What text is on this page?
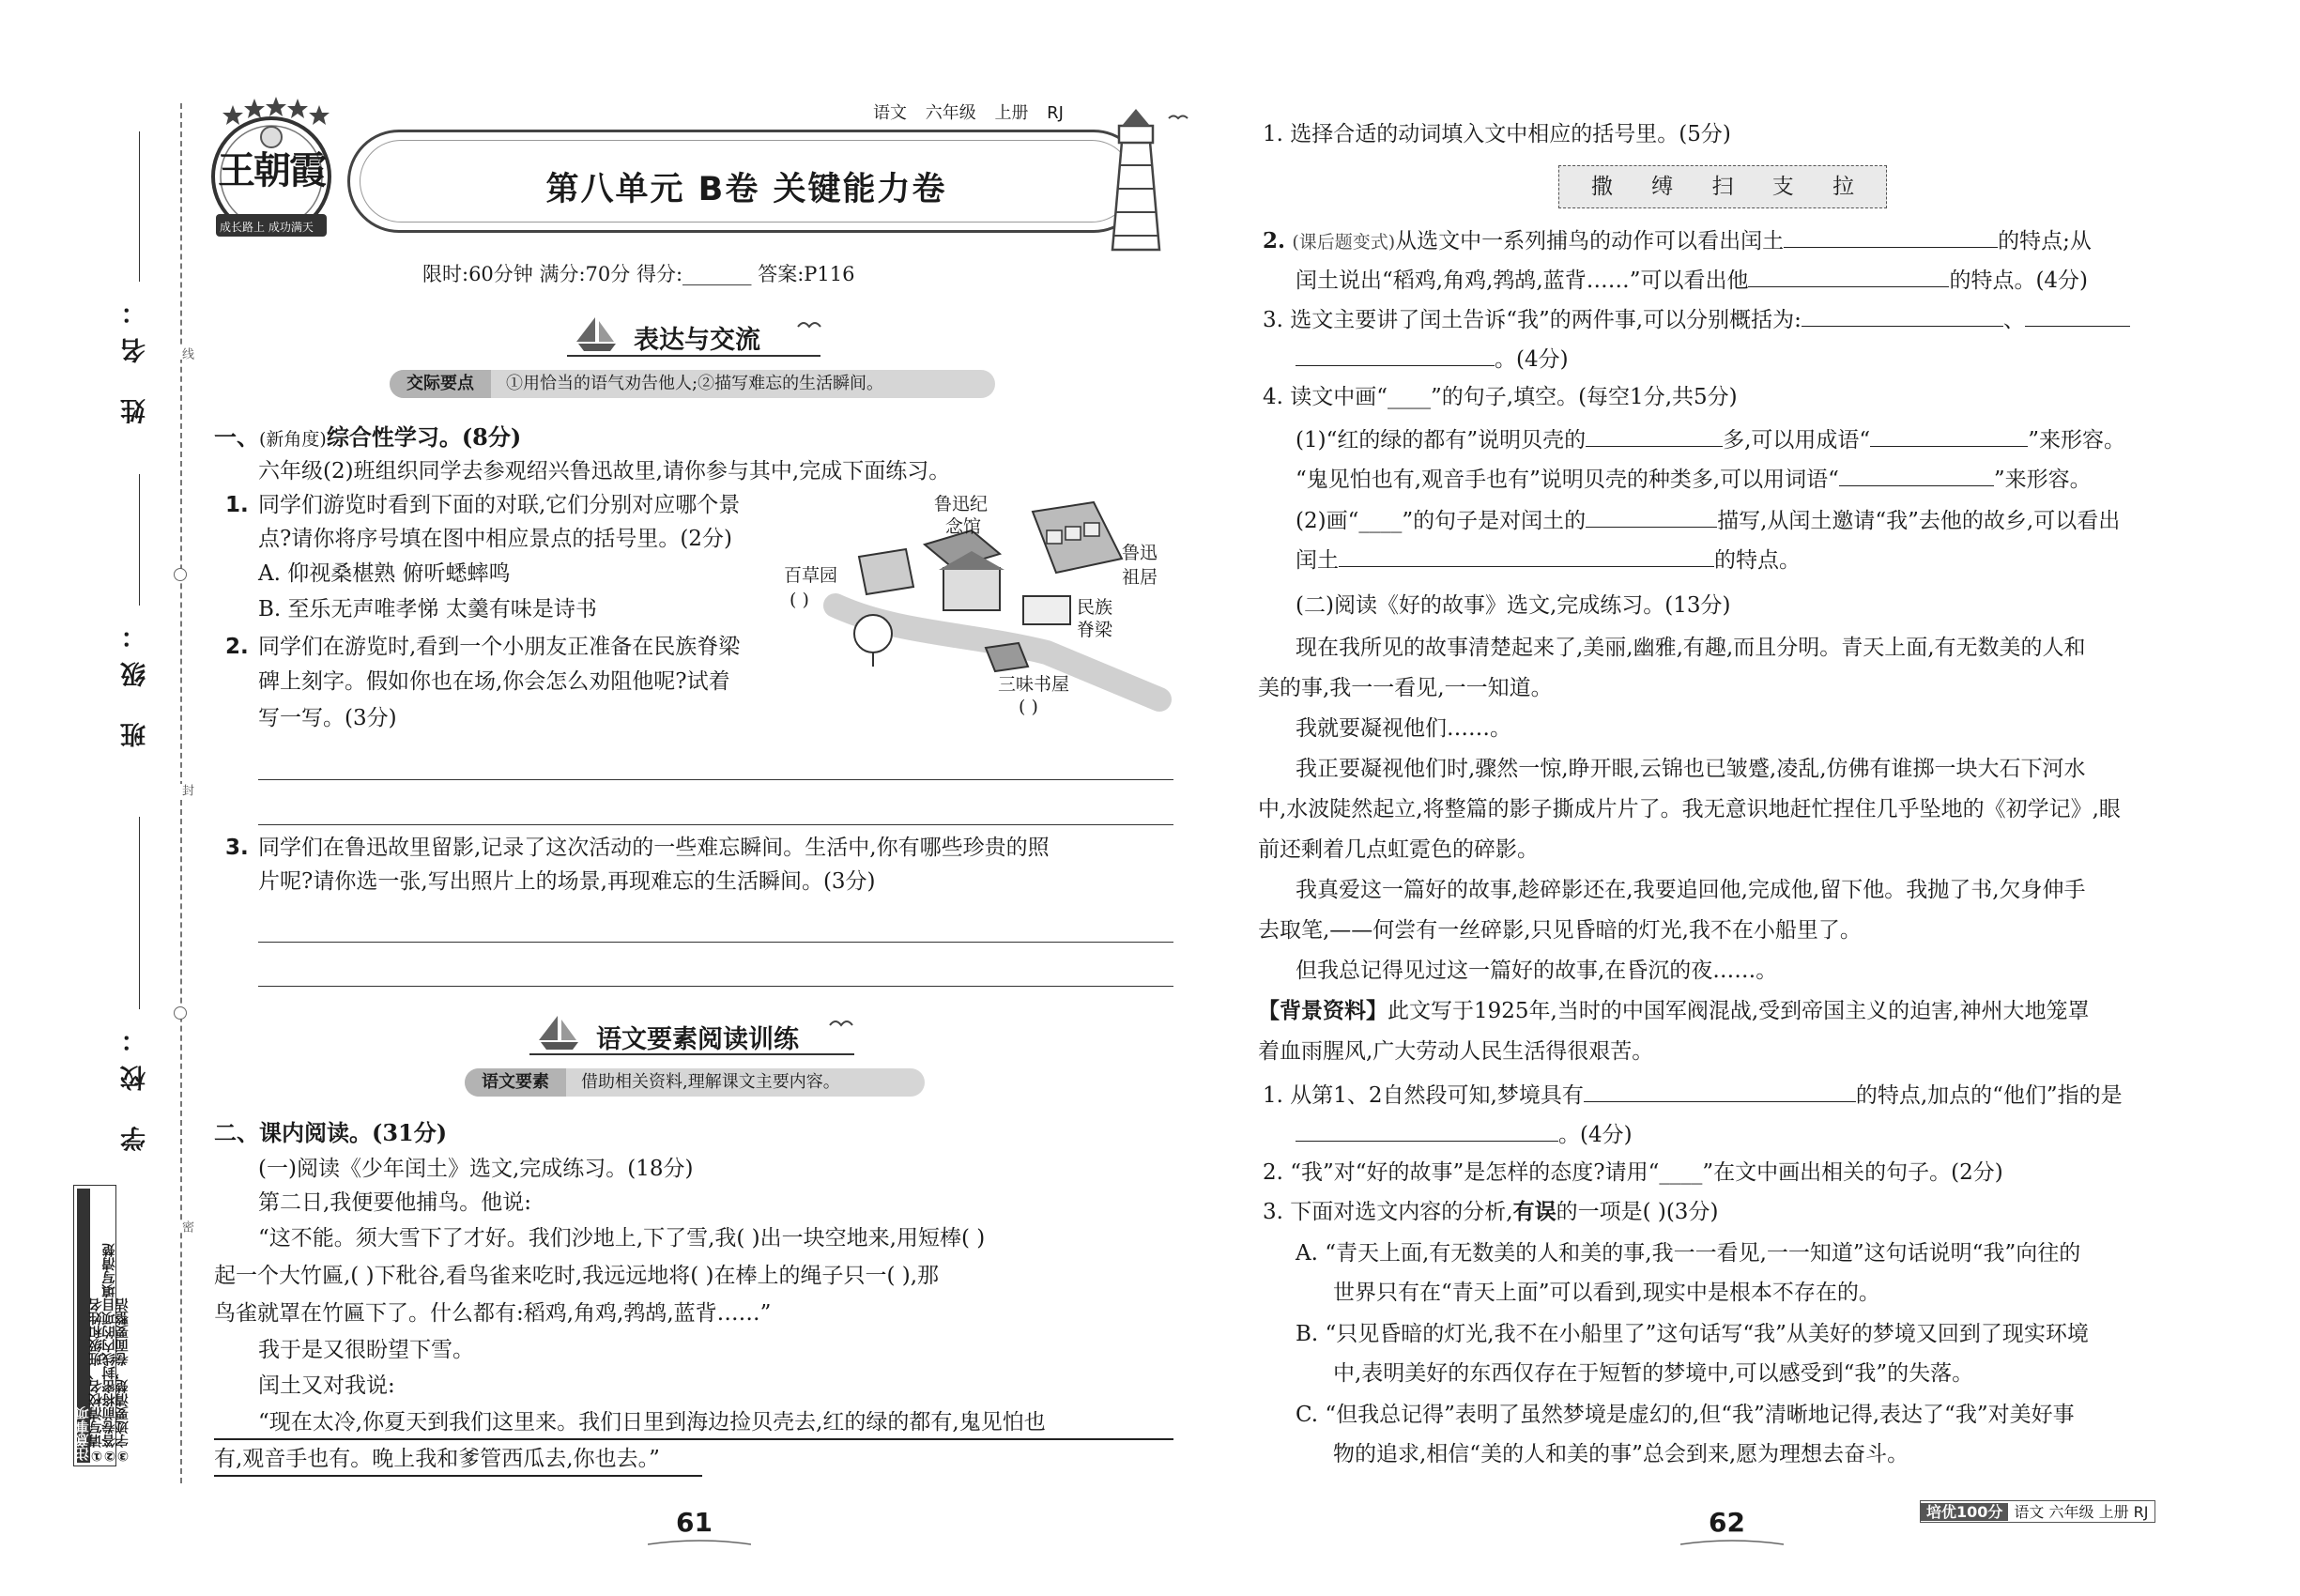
姓 名：
班 级：
学 校：
线
封
密
注意事项
①请写清校名、班级和姓名
②答卷前将密封线内的项目填写清楚
③字迹要清楚，卷面要整洁
语文 六年级 上册 RJ
王朝霞
成长路上 成功满天
第八单元 B卷 关键能力卷
限时:60分钟 满分:70分 得分:_______ 答案:P116
表达与交流
交际要点 ①用恰当的语气劝告他人;②描写难忘的生活瞬间。
一、(新角度)综合性学习。(8分)
六年级(2)班组织同学去参观绍兴鲁迅故里,请你参与其中,完成下面练习。
1. 同学们游览时看到下面的对联,它们分别对应哪个景
点?请你将序号填在图中相应景点的括号里。(2分)
A. 仰视桑椹熟 俯听蟋蟀鸣
B. 至乐无声唯孝悌 太羹有味是诗书
2. 同学们在游览时,看到一个小朋友正准备在民族脊梁
碑上刻字。假如你也在场,你会怎么劝阻他呢?试着
写一写。(3分)
3. 同学们在鲁迅故里留影,记录了这次活动的一些难忘瞬间。生活中,你有哪些珍贵的照
片呢?请你选一张,写出照片上的场景,再现难忘的生活瞬间。(3分)
鲁迅纪
念馆
百草园
( )
鲁迅
祖居
民族
脊梁
三味书屋
( )
语文要素阅读训练
语文要素 借助相关资料,理解课文主要内容。
二、课内阅读。(31分)
(一)阅读《少年闰土》选文,完成练习。(18分)
第二日,我便要他捕鸟。他说:
“这不能。须大雪下了才好。我们沙地上,下了雪,我( )出一块空地来,用短棒( )
起一个大竹匾,( )下秕谷,看鸟雀来吃时,我远远地将( )在棒上的绳子只一( ),那
鸟雀就罩在竹匾下了。什么都有:稻鸡,角鸡,鹁鸪,蓝背……”
我于是又很盼望下雪。
闰土又对我说:
“现在太冷,你夏天到我们这里来。我们日里到海边捡贝壳去,红的绿的都有,鬼见怕也
有,观音手也有。晚上我和爹管西瓜去,你也去。”
61
1. 选择合适的动词填入文中相应的括号里。(5分)
撒 缚 扫 支 拉
2. (课后题变式)从选文中一系列捕鸟的动作可以看出闰土	的特点;从
闰土说出“稻鸡,角鸡,鹁鸪,蓝背……”可以看出他	的特点。(4分)
3. 选文主要讲了闰土告诉“我”的两件事,可以分别概括为:	、
。(4分)
4. 读文中画“____”的句子,填空。(每空1分,共5分)
(1)“红的绿的都有”说明贝壳的	多,可以用成语“	”来形容。
“鬼见怕也有,观音手也有”说明贝壳的种类多,可以用词语“	”来形容。
(2)画“____”的句子是对闰土的	描写,从闰土邀请“我”去他的故乡,可以看出
闰土	的特点。
(二)阅读《好的故事》选文,完成练习。(13分)
现在我所见的故事清楚起来了,美丽,幽雅,有趣,而且分明。青天上面,有无数美的人和
美的事,我一一看见,一一知道。
我就要凝视他们……。
我正要凝视他们时,骤然一惊,睁开眼,云锦也已皱蹙,凌乱,仿佛有谁掷一块大石下河水
中,水波陡然起立,将整篇的影子撕成片片了。我无意识地赶忙捏住几乎坠地的《初学记》,眼
前还剩着几点虹霓色的碎影。
我真爱这一篇好的故事,趁碎影还在,我要追回他,完成他,留下他。我抛了书,欠身伸手
去取笔,——何尝有一丝碎影,只见昏暗的灯光,我不在小船里了。
但我总记得见过这一篇好的故事,在昏沉的夜……。
【背景资料】此文写于1925年,当时的中国军阀混战,受到帝国主义的迫害,神州大地笼罩
着血雨腥风,广大劳动人民生活得很艰苦。
1. 从第1、2自然段可知,梦境具有	的特点,加点的“他们”指的是
。(4分)
2. “我”对“好的故事”是怎样的态度?请用“____”在文中画出相关的句子。(2分)
3. 下面对选文内容的分析,有误的一项是( )(3分)
A. “青天上面,有无数美的人和美的事,我一一看见,一一知道”这句话说明“我”向往的
世界只有在“青天上面”可以看到,现实中是根本不存在的。
B. “只见昏暗的灯光,我不在小船里了”这句话写“我”从美好的梦境又回到了现实环境
中,表明美好的东西仅存在于短暂的梦境中,可以感受到“我”的失落。
C. “但我总记得”表明了虽然梦境是虚幻的,但“我”清晰地记得,表达了“我”对美好事
物的追求,相信“美的人和美的事”总会到来,愿为理想去奋斗。
62	培优100分 语文 六年级 上册 RJ
